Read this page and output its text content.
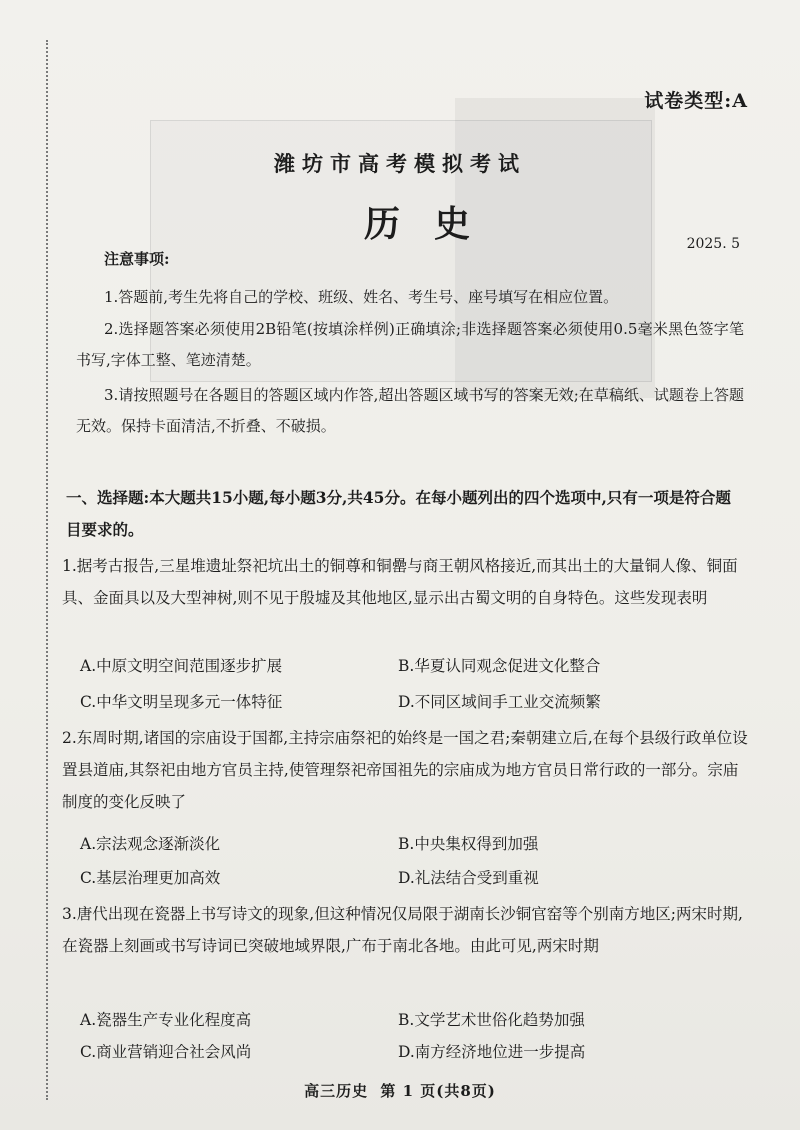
试卷类型:A
潍坊市高考模拟考试
历史	2025. 5
注意事项:
1.答题前,考生先将自己的学校、班级、姓名、考生号、座号填写在相应位置。
2.选择题答案必须使用2B铅笔(按填涂样例)正确填涂;非选择题答案必须使用0.5毫米黑色签字笔书写,字体工整、笔迹清楚。
3.请按照题号在各题目的答题区域内作答,超出答题区域书写的答案无效;在草稿纸、试题卷上答题无效。保持卡面清洁,不折叠、不破损。
一、选择题:本大题共15小题,每小题3分,共45分。在每小题列出的四个选项中,只有一项是符合题目要求的。
1.据考古报告,三星堆遗址祭祀坑出土的铜尊和铜罍与商王朝风格接近,而其出土的大量铜人像、铜面具、金面具以及大型神树,则不见于殷墟及其他地区,显示出古蜀文明的自身特色。这些发现表明
A.中原文明空间范围逐步扩展	B.华夏认同观念促进文化整合
C.中华文明呈现多元一体特征	D.不同区域间手工业交流频繁
2.东周时期,诸国的宗庙设于国都,主持宗庙祭祀的始终是一国之君;秦朝建立后,在每个县级行政单位设置县道庙,其祭祀由地方官员主持,使管理祭祀帝国祖先的宗庙成为地方官员日常行政的一部分。宗庙制度的变化反映了
A.宗法观念逐渐淡化	B.中央集权得到加强
C.基层治理更加高效	D.礼法结合受到重视
3.唐代出现在瓷器上书写诗文的现象,但这种情况仅局限于湖南长沙铜官窑等个别南方地区;两宋时期,在瓷器上刻画或书写诗词已突破地域界限,广布于南北各地。由此可见,两宋时期
A.瓷器生产专业化程度高	B.文学艺术世俗化趋势加强
C.商业营销迎合社会风尚	D.南方经济地位进一步提高
高三历史 第 1 页(共8页)
